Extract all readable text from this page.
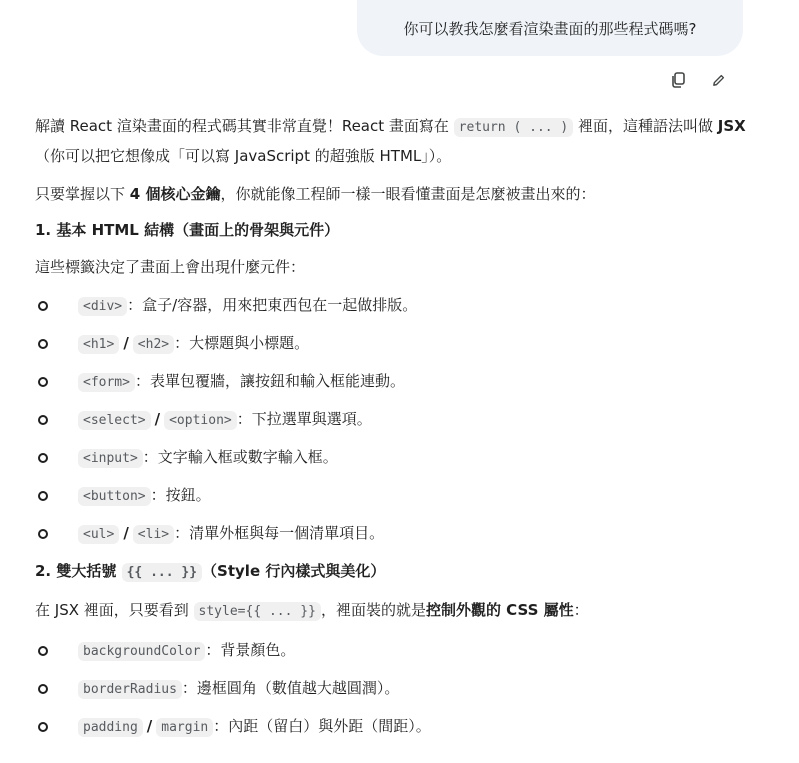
你可以教我怎麼看渲染畫面的那些程式碼嗎?

解讀 React 渲染畫面的程式碼其實非常直覺！React 畫面寫在 return ( ... ) 裡面，這種語法叫做 JSX（你可以把它想像成「可以寫 JavaScript 的超強版 HTML」）。

只要掌握以下 4 個核心金鑰，你就能像工程師一樣一眼看懂畫面是怎麼被畫出來的：

1. 基本 HTML 結構（畫面上的骨架與元件）

這些標籤決定了畫面上會出現什麼元件：

<div> ：盒子/容器，用來把東西包在一起做排版。
<h1> / <h2> ：大標題與小標題。
<form> ：表單包覆牆，讓按鈕和輸入框能連動。
<select> / <option> ：下拉選單與選項。
<input> ：文字輸入框或數字輸入框。
<button> ：按鈕。
<ul> / <li> ：清單外框與每一個清單項目。

2. 雙大括號 {{ ... }} （Style 行內樣式與美化）

在 JSX 裡面，只要看到 style={{ ... }} ，裡面裝的就是控制外觀的 CSS 屬性：

backgroundColor ：背景顏色。
borderRadius ：邊框圓角（數值越大越圓潤）。
padding / margin ：內距（留白）與外距（間距）。
